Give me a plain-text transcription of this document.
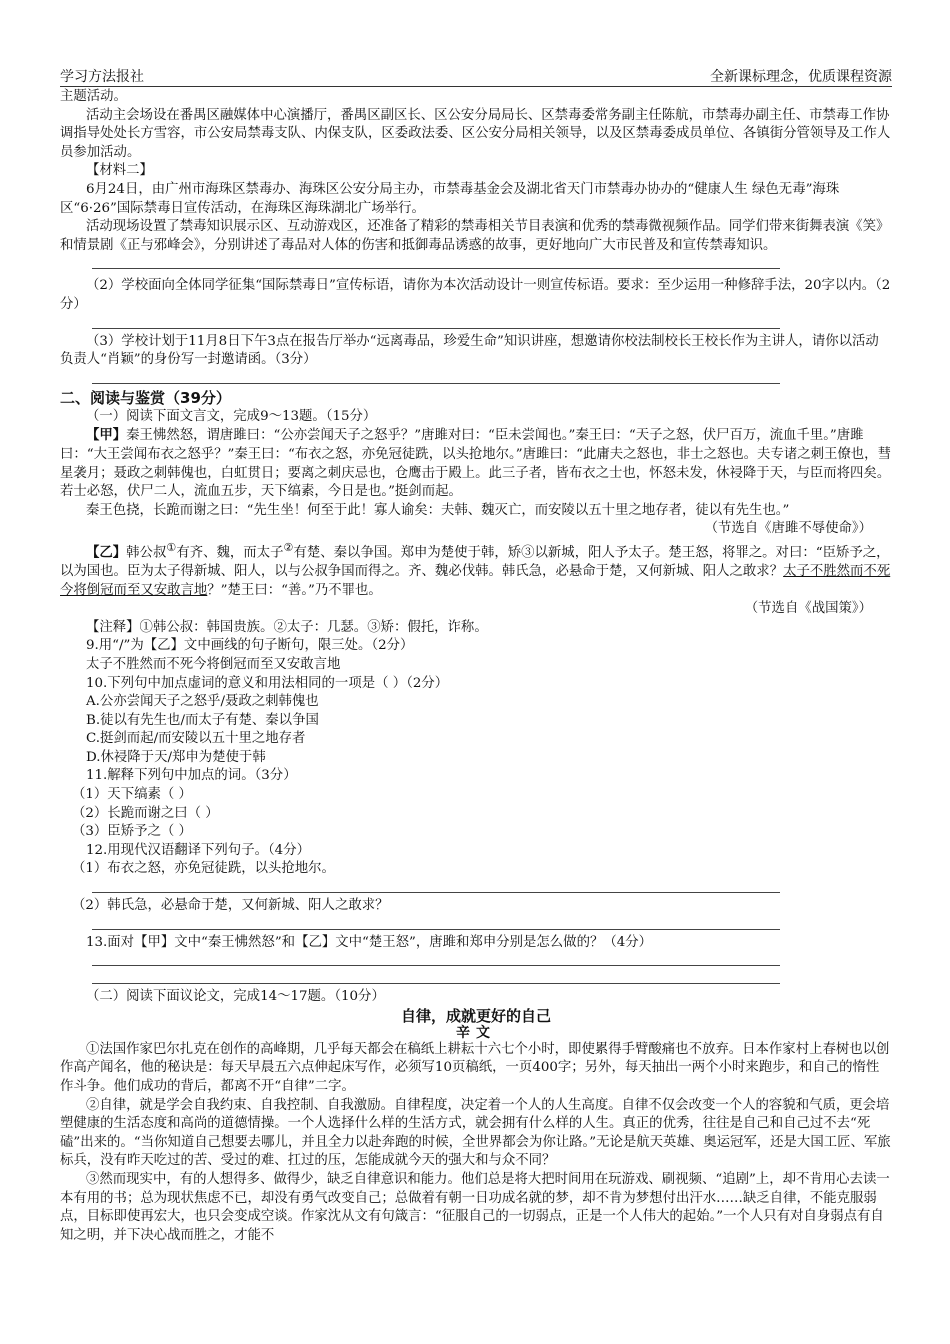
学习方法报社	全新课标理念，优质课程资源

主题活动。

活动主会场设在番禺区融媒体中心演播厅，番禺区副区长、区公安分局局长、区禁毒委常务副主任陈航，市禁毒办副主任、市禁毒工作协调指导处处长方雪容，市公安局禁毒支队、内保支队，区委政法委、区公安分局相关领导，以及区禁毒委成员单位、各镇街分管领导及工作人员参加活动。

【材料二】

6月24日，由广州市海珠区禁毒办、海珠区公安分局主办，市禁毒基金会及湖北省天门市禁毒办协办的“健康人生 绿色无毒”海珠区“6·26”国际禁毒日宣传活动，在海珠区海珠湖北广场举行。

活动现场设置了禁毒知识展示区、互动游戏区，还准备了精彩的禁毒相关节目表演和优秀的禁毒微视频作品。同学们带来街舞表演《笑》和情景剧《正与邪峰会》，分别讲述了毒品对人体的伤害和抵御毒品诱惑的故事，更好地向广大市民普及和宣传禁毒知识。

（2）学校面向全体同学征集“国际禁毒日”宣传标语，请你为本次活动设计一则宣传标语。要求：至少运用一种修辞手法，20字以内。（2分）

（3）学校计划于11月8日下午3点在报告厅举办“远离毒品，珍爱生命”知识讲座，想邀请你校法制校长王校长作为主讲人，请你以活动负责人“肖颖”的身份写一封邀请函。（3分）

二、阅读与鉴赏（39分）

（一）阅读下面文言文，完成9～13题。（15分）

【甲】秦王怫然怒，谓唐雎曰：“公亦尝闻天子之怒乎？”唐雎对曰：“臣未尝闻也。”秦王曰：“天子之怒，伏尸百万，流血千里。”唐雎曰：“大王尝闻布衣之怒乎？”秦王曰：“布衣之怒，亦免冠徒跣，以头抢地尔。”唐雎曰：“此庸夫之怒也，非士之怒也。夫专诸之刺王僚也，彗星袭月；聂政之刺韩傀也，白虹贯日；要离之刺庆忌也，仓鹰击于殿上。此三子者，皆布衣之士也，怀怒未发，休祲降于天，与臣而将四矣。若士必怒，伏尸二人，流血五步，天下缟素，今日是也。”挺剑而起。

秦王色挠，长跪而谢之曰：“先生坐！何至于此！寡人谕矣：夫韩、魏灭亡，而安陵以五十里之地存者，徒以有先生也。”

（节选自《唐雎不辱使命》）

【乙】韩公叔①有齐、魏，而太子②有楚、秦以争国。郑申为楚使于韩，矫③以新城，阳人予太子。楚王怒，将罪之。对曰：“臣矫予之，以为国也。臣为太子得新城、阳人，以与公叔争国而得之。齐、魏必伐韩。韩氏急，必悬命于楚，又何新城、阳人之敢求？太子不胜然而不死今将倒冠而至又安敢言地？”楚王曰：“善。”乃不罪也。

（节选自《战国策》）

【注释】①韩公叔：韩国贵族。②太子：几瑟。③矫：假托，诈称。

9.用“/”为【乙】文中画线的句子断句，限三处。（2分）

太子不胜然而不死今将倒冠而至又安敢言地

10.下列句中加点虚词的意义和用法相同的一项是（ ）（2分）

A.公亦尝闻天子之怒乎/聂政之刺韩傀也

B.徒以有先生也/而太子有楚、秦以争国

C.挺剑而起/而安陵以五十里之地存者

D.休祲降于天/郑申为楚使于韩

11.解释下列句中加点的词。（3分）

（1）天下缟素（ ）

（2）长跪而谢之曰（ ）

（3）臣矫予之（ ）

12.用现代汉语翻译下列句子。（4分）

（1）布衣之怒，亦免冠徒跣，以头抢地尔。

（2）韩氏急，必悬命于楚，又何新城、阳人之敢求？

13.面对【甲】文中“秦王怫然怒”和【乙】文中“楚王怒”，唐雎和郑申分别是怎么做的？（4分）

（二）阅读下面议论文，完成14～17题。（10分）

自律，成就更好的自己

辛文

①法国作家巴尔扎克在创作的高峰期，几乎每天都会在稿纸上耕耘十六七个小时，即使累得手臂酸痛也不放弃。日本作家村上春树也以创作高产闻名，他的秘诀是：每天早晨五六点伸起床写作，必须写10页稿纸，一页400字；另外，每天抽出一两个小时来跑步，和自己的惰性作斗争。他们成功的背后，都离不开“自律”二字。

②自律，就是学会自我约束、自我控制、自我激励。自律程度，决定着一个人的人生高度。自律不仅会改变一个人的容貌和气质，更会培塑健康的生活态度和高尚的道德情操。一个人选择什么样的生活方式，就会拥有什么样的人生。真正的优秀，往往是自己和自己过不去“死磕”出来的。“当你知道自己想要去哪儿，并且全力以赴奔跑的时候，全世界都会为你让路。”无论是航天英雄、奥运冠军，还是大国工匠、军旅标兵，没有昨天吃过的苦、受过的难、扛过的压，怎能成就今天的强大和与众不同？

③然而现实中，有的人想得多、做得少，缺乏自律意识和能力。他们总是将大把时间用在玩游戏、刷视频、“追剧”上，却不肯用心去读一本有用的书；总为现状焦虑不已，却没有勇气改变自己；总做着有朝一日功成名就的梦，却不肯为梦想付出汗水……缺乏自律，不能克服弱点，目标即使再宏大，也只会变成空谈。作家沈从文有句箴言：“征服自己的一切弱点，正是一个人伟大的起始。”一个人只有对自身弱点有自知之明，并下决心战而胜之，才能不
